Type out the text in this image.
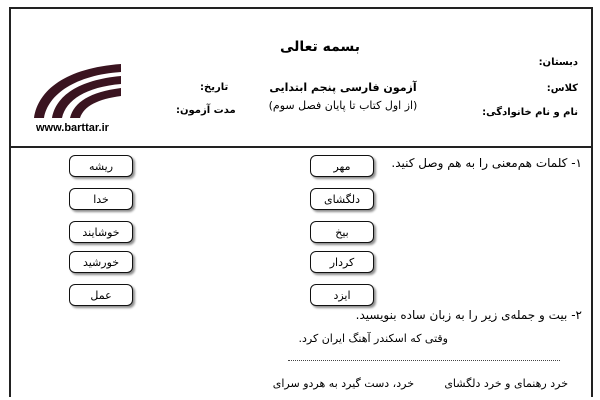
www.barttar.ir
بسمه تعالی
دبستان:
کلاس:
نام و نام خانوادگی:
آزمون فارسی پنجم ابتدایی
(از اول کتاب تا پایان فصل سوم)
تاریخ:
مدت آزمون:
۱- کلمات هم‌معنی را به هم وصل کنید.
مهر
دلگشای
بیخ
کردار
ایزد
ریشه
خدا
خوشایند
خورشید
عمل
۲- بیت و جمله‌ی زیر را به زبان ساده بنویسید.
وقتی که اسکندر آهنگ ایران کرد.
خرد رهنمای و خرد دلگشای
خرد، دست گیرد به هردو سرای
